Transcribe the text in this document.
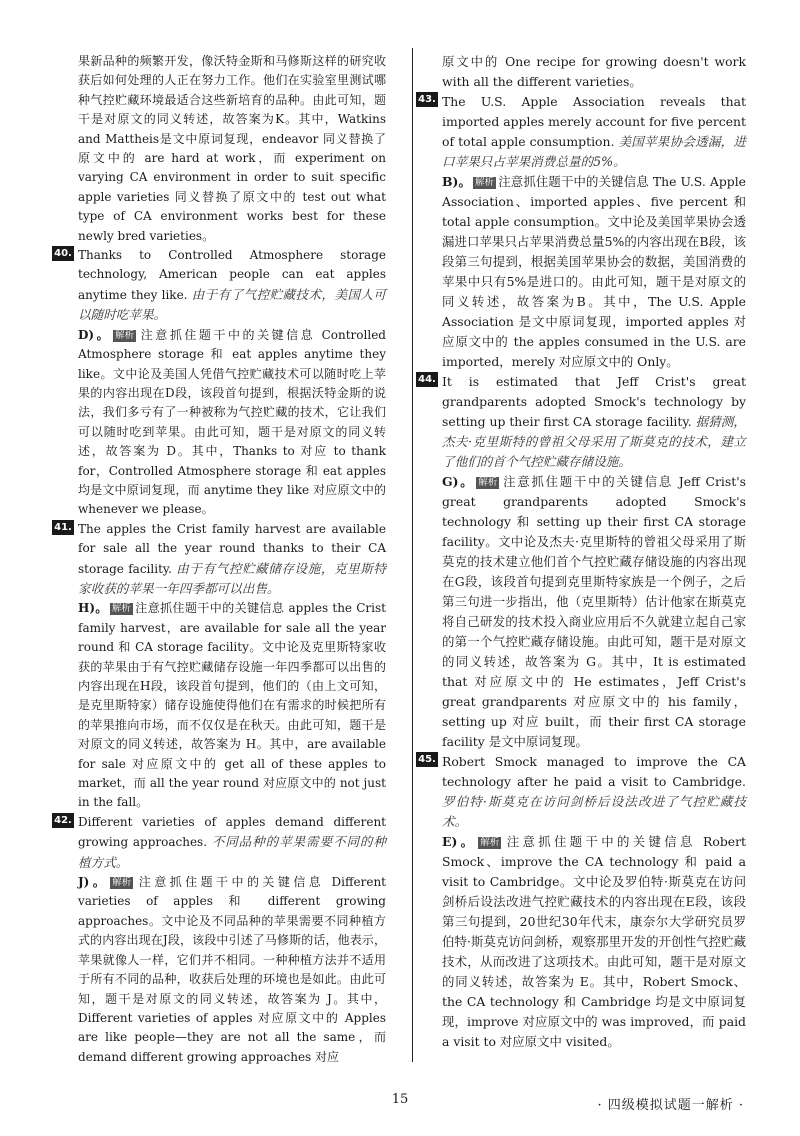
果新品种的频繁开发，像沃特金斯和马修斯这样的研究收获后如何处理的人正在努力工作。他们在实验室里测试哪种气控贮藏环境最适合这些新培育的品种。由此可知，题干是对原文的同义转述，故答案为K。其中，Watkins and Mattheis是文中原词复现，endeavor 同义替换了原文中的 are hard at work，而 experiment on varying CA environment in order to suit specific apple varieties 同义替换了原文中的 test out what type of CA environment works best for these newly bred varieties。
40. Thanks to Controlled Atmosphere storage technology, American people can eat apples anytime they like. 由于有了气控贮藏技术，美国人可以随时吃苹果。
D)。 解析 注意抓住题干中的关键信息 Controlled Atmosphere storage 和 eat apples anytime they like。文中论及美国人凭借气控贮藏技术可以随时吃上苹果的内容出现在D段，该段首句提到，根据沃特金斯的说法，我们多亏有了一种被称为气控贮藏的技术，它让我们可以随时吃到苹果。由此可知，题干是对原文的同义转述，故答案为 D。其中，Thanks to 对应 to thank for，Controlled Atmosphere storage 和 eat apples 均是文中原词复现，而 anytime they like 对应原文中的 whenever we please。
41. The apples the Crist family harvest are available for sale all the year round thanks to their CA storage facility. 由于有气控贮藏储存设施，克里斯特家收获的苹果一年四季都可以出售。
H)。 解析 注意抓住题干中的关键信息 apples the Crist family harvest，are available for sale all the year round 和 CA storage facility。文中论及克里斯特家收获的苹果由于有气控贮藏储存设施一年四季都可以出售的内容出现在H段，该段首句提到，他们的（由上文可知，是克里斯特家）储存设施使得他们在有需求的时候把所有的苹果推向市场，而不仅仅是在秋天。由此可知，题干是对原文的同义转述，故答案为 H。其中，are available for sale 对应原文中的 get all of these apples to market，而 all the year round 对应原文中的 not just in the fall。
42. Different varieties of apples demand different growing approaches. 不同品种的苹果需要不同的种植方式。
J)。 解析 注意抓住题干中的关键信息 Different varieties of apples 和 different growing approaches。文中论及不同品种的苹果需要不同种植方式的内容出现在J段，该段中引述了马修斯的话，他表示，苹果就像人一样，它们并不相同。一种种植方法并不适用于所有不同的品种，收获后处理的环境也是如此。由此可知，题干是对原文的同义转述，故答案为 J。其中，Different varieties of apples 对应原文中的 Apples are like people—they are not all the same，而 demand different growing approaches 对应
原文中的 One recipe for growing doesn't work with all the different varieties。
43. The U.S. Apple Association reveals that imported apples merely account for five percent of total apple consumption. 美国苹果协会透漏，进口苹果只占苹果消费总量的5%。
B)。 解析 注意抓住题干中的关键信息 The U.S. Apple Association、imported apples、five percent 和 total apple consumption。文中论及美国苹果协会透漏进口苹果只占苹果消费总量5%的内容出现在B段，该段第三句提到，根据美国苹果协会的数据，美国消费的苹果中只有5%是进口的。由此可知，题干是对原文的同义转述，故答案为B。其中，The U.S. Apple Association 是文中原词复现，imported apples 对应原文中的 the apples consumed in the U.S. are imported，merely 对应原文中的 Only。
44. It is estimated that Jeff Crist's great grandparents adopted Smock's technology by setting up their first CA storage facility. 据猜测，杰夫·克里斯特的曾祖父母采用了斯莫克的技术，建立了他们的首个气控贮藏存储设施。
G)。 解析 注意抓住题干中的关键信息 Jeff Crist's great grandparents adopted Smock's technology 和 setting up their first CA storage facility。文中论及杰夫·克里斯特的曾祖父母采用了斯莫克的技术建立他们首个气控贮藏存储设施的内容出现在G段，该段首句提到克里斯特家族是一个例子，之后第三句进一步指出，他（克里斯特）估计他家在斯莫克将自己研发的技术投入商业应用后不久就建立起自己家的第一个气控贮藏存储设施。由此可知，题干是对原文的同义转述，故答案为 G。其中，It is estimated that 对应原文中的 He estimates，Jeff Crist's great grandparents 对应原文中的 his family，setting up 对应 built，而 their first CA storage facility 是文中原词复现。
45. Robert Smock managed to improve the CA technology after he paid a visit to Cambridge. 罗伯特·斯莫克在访问剑桥后设法改进了气控贮藏技术。
E)。 解析 注意抓住题干中的关键信息 Robert Smock、improve the CA technology 和 paid a visit to Cambridge。文中论及罗伯特·斯莫克在访问剑桥后设法改进气控贮藏技术的内容出现在E段，该段第三句提到，20世纪30年代末，康奈尔大学研究员罗伯特·斯莫克访问剑桥，观察那里开发的开创性气控贮藏技术，从而改进了这项技术。由此可知，题干是对原文的同义转述，故答案为 E。其中，Robert Smock、the CA technology 和 Cambridge 均是文中原词复现，improve 对应原文中的 was improved，而 paid a visit to 对应原文中 visited。
15	· 四级模拟试题一解析 ·
